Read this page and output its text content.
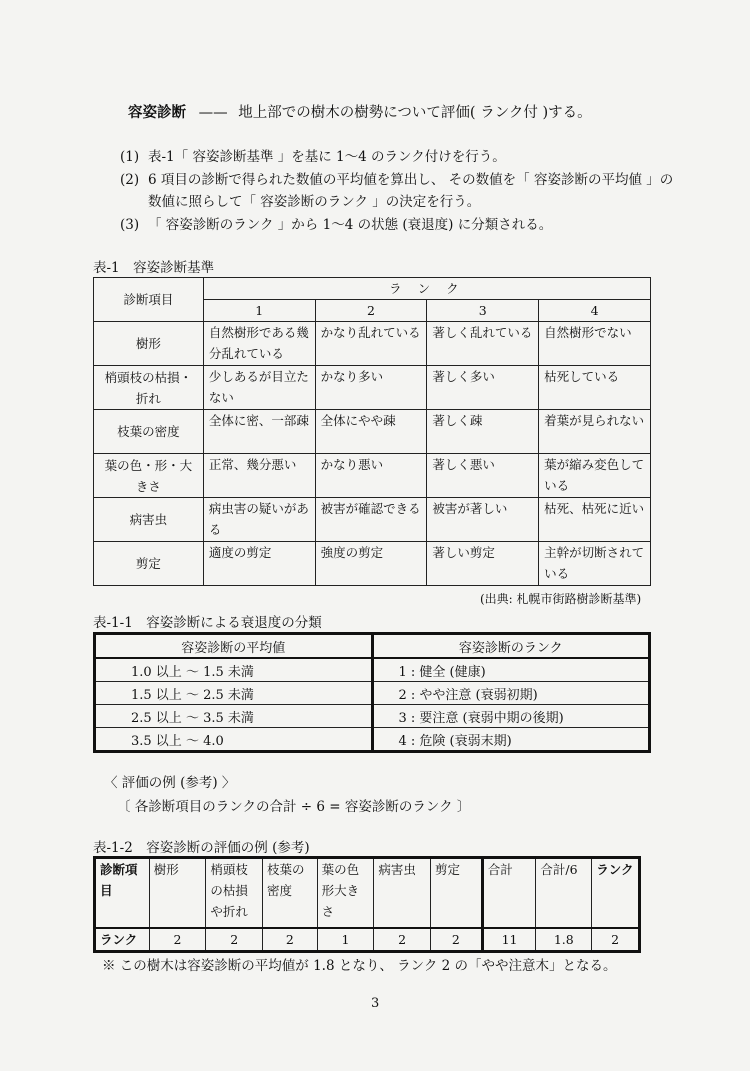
容姿診断 —— 地上部での樹木の樹勢について評価( ランク付 )する。
(1) 表-1「 容姿診断基準 」を基に 1～4 のランク付けを行う。
(2) 6 項目の診断で得られた数値の平均値を算出し、 その数値を「 容姿診断の平均値 」の数値に照らして「 容姿診断のランク 」の決定を行う。
(3) 「 容姿診断のランク 」から 1～4 の状態 (衰退度) に分類される。
表-1　容姿診断基準
診断項目	ラ ン ク			
	1	2	3	4
樹形	自然樹形である幾分乱れている	かなり乱れている	著しく乱れている	自然樹形でない
梢頭枝の枯損・折れ	少しあるが目立たない	かなり多い	著しく多い	枯死している
枝葉の密度	全体に密、一部疎	全体にやや疎	著しく疎	着葉が見られない
葉の色・形・大きさ	正常、幾分悪い	かなり悪い	著しく悪い	葉が縮み変色している
病害虫	病虫害の疑いがある	被害が確認できる	被害が著しい	枯死、枯死に近い
剪定	適度の剪定	強度の剪定	著しい剪定	主幹が切断されている
(出典: 札幌市街路樹診断基準)
表-1-1　容姿診断による衰退度の分類
容姿診断の平均値	容姿診断のランク
1.0 以上 ～ 1.5 未満	1 : 健全 (健康)
1.5 以上 ～ 2.5 未満	2 : やや注意 (衰弱初期)
2.5 以上 ～ 3.5 未満	3 : 要注意 (衰弱中期の後期)
3.5 以上 ～ 4.0	4 : 危険 (衰弱末期)
〈 評価の例 (参考) 〉
〔 各診断項目のランクの合計 ÷ 6 = 容姿診断のランク 〕
表-1-2　容姿診断の評価の例 (参考)
診断項目	樹形	梢頭枝の枯損や折れ	枝葉の密度	葉の色形大きさ	病害虫	剪定	合計	合計/6	ランク
ランク	2	2	2	1	2	2	11	1.8	2
※ この樹木は容姿診断の平均値が 1.8 となり、 ランク 2 の「やや注意木」となる。
3
